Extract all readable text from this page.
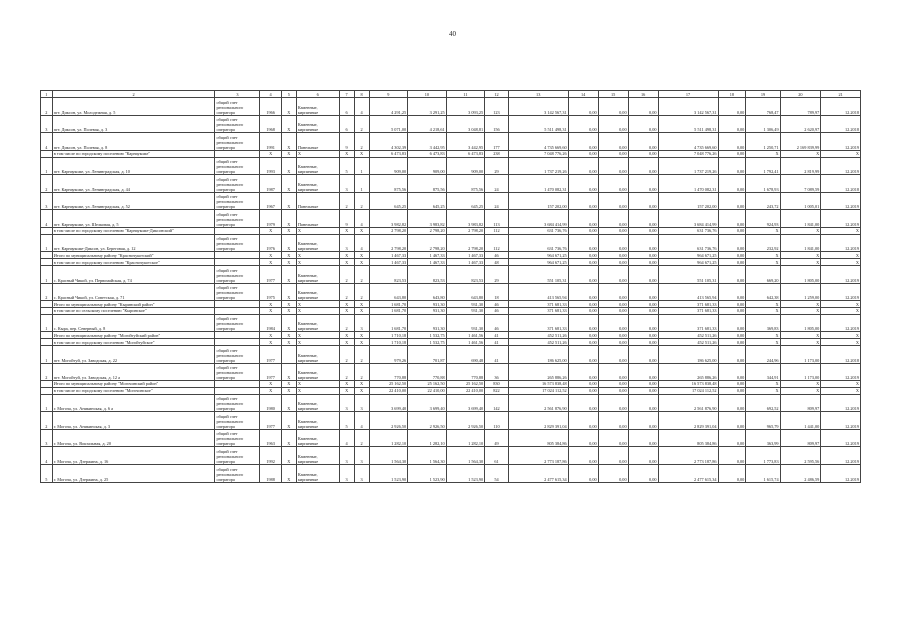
40
1	2	3	4	5	6	7	8	9	10	11	12	13	14	15	16	17	18	19	20	21
2	пгт. Диксон, ул. Молодежная, д. 5	общий счет регионального оператора	1966	Х	Каменные, кирпичные	6	4	4 291,25	3 291,25	3 093,25	123	3 142 567,31	0,00	0,00	0,00	3 142 567,31	0,00	768,47	789,97	12.2018
3	пгт. Диксон, ул. Полевая, д. 3	общий счет регионального оператора	1968	Х	Каменные, кирпичные	6	2	5 071,00	4 218,61	3 048,81	156	5 511 498,31	0,00	0,00	0,00	5 511 498,31	0,00	1 306,49	2 620,97	12.2018
4	пгт. Диксон, ул. Полевая, д. 8	общий счет регионального оператора	1991	Х	Панельные	9	2	4 302,39	3 442,95	3 442,95	177	4 735 669,60	0,00	0,00	0,00	4 735 669,60	0,00	1 250,71	2 169 839,99	12.2019
	в том числе по городскому поселению "Карнаукоже"		Х	Х	Х	Х	Х	6 473,83	6 473,83	6 473,83	238	7 048 776,26	0,00	0,00	0,00	7 048 776,26	0,00	Х	Х	Х
1	пгт. Карнаукоже, ул. Ленинградская, д. 10	общий счет регионального оператора	1993	Х	Каменные, кирпичные	5	1	909,00	909,00	909,00	29	1 737 219,26	0,00	0,00	0,00	1 737 219,26	0,00	1 792,41	2 819,99	12.2019
2	пгт. Карнаукоже, ул. Ленинградская, д. 44	общий счет регионального оператора	1987	Х	Каменные, кирпичные	3	1	875,56	875,56	875,56	24	1 470 082,31	0,00	0,00	0,00	1 470 082,31	0,00	1 678,93	7 089,59	12.2018
3	пгт. Карнаукоже, ул. Ленинградская, д. 52	общий счет регионального оператора	1967	Х	Панельные	2	2	645,25	645,25	645,25	24	157 202,00	0,00	0,00	0,00	157 202,00	0,00	243,72	1 005,01	12.2019
4	пгт. Карнаукоже, ул. Шелковая, д. 5	общий счет регионального оператора	1979	Х	Панельные	9	4	3 982,82	3 983,82	3 983,82	113	3 684 414,99	0,00	0,00	0,00	3 684 414,99	0,00	924,93	1 841,00	12.2019
	в том числе по городскому поселению "Карнаукоже-Диксонский"		Х	Х	Х	Х	Х	2 798,20	2 798,20	2 798,20	112	631 736,76	0,00	0,00	0,00	631 736,76	0,00	Х	Х	Х
1	пгт. Карнаукоже-Диксон, ул. Береговая, д. 12	общий счет регионального оператора	1976	Х	Каменные, кирпичные	3	4	2 798,20	2 798,20	2 798,20	112	631 736,76	0,00	0,00	0,00	631 736,76	0,00	232,92	1 841,00	12.2019
	Итого по муниципальному району "Красночукотский"		Х	Х	Х	Х	Х	1 467,33	1 467,33	1 467,33	46	964 671,25	0,00	0,00	0,00	964 671,25	0,00	Х	Х	Х
	в том числе по городскому поселению "Красночукотское"		Х	Х	Х	Х	Х	1 467,33	1 467,33	1 467,33	48	964 671,25	0,00	0,00	0,00	964 671,25	0,00	Х	Х	Х
1	с. Красный Чикой, ул. Первомайская, д. 74	общий счет регионального оператора	1977	Х	Каменные, кирпичные	2	2	823,53	823,53	823,53	29	551 105,31	0,00	0,00	0,00	551 105,31	0,00	669,20	1 805,00	12.2019
2	с. Красный Чикой, ул. Советская, д. 71	общий счет регионального оператора	1975	Х	Каменные, кирпичные	2	2	643,80	643,80	643,80	18	413 565,94	0,00	0,00	0,00	413 565,94	0,00	642,38	1 259,00	12.2019
	Итого по муниципальному району "Кыринский район"		Х	Х	Х	Х	Х	1 681,70	931,30	931,30	46	371 681,33	0,00	0,00	0,00	371 681,33	0,00	Х	Х	Х
	в том числе по сельскому поселению "Кыринское"		Х	Х	Х	Х	Х	1 681,70	931,30	931,30	46	371 681,33	0,00	0,00	0,00	371 681,33	0,00	Х	Х	Х
1	с. Кыра, пер. Северный, д. 8	общий счет регионального оператора	1984	Х	Каменные, кирпичные	2	3	1 681,70	931,30	931,30	46	371 681,33	0,00	0,00	0,00	371 681,33	0,00	369,83	1 805,00	12.2019
	Итого по муниципальному району "Могойтуйский район"		Х	Х	Х	Х	Х	1 710,18	1 532,75	1 461,56	41	452 511,26	0,00	0,00	0,00	452 511,26	0,00	Х	Х	Х
	в том числе по городскому поселению "Могойтуйское"		Х	Х	Х	Х	Х	1 710,18	1 532,75	1 461,56	41	452 511,26	0,00	0,00	0,00	452 511,26	0,00	Х	Х	Х
1	пгт. Могойтуй, ул. Заводская, д. 22	общий счет регионального оператора	1977		Каменные, кирпичные	2	2	979,26	701,87	690,48	41	186 625,00	0,00	0,00	0,00	186 625,00	0,00	244,96	1 173,00	12.2018
2	пгт. Могойтуй, ул. Заводская, д. 12 а	общий счет регионального оператора	1977	Х	Каменные, кирпичные	2	2	770,88	770,88	770,88	36	265 886,26	0,00	0,00	0,00	265 886,26	0,00	344,91	1 173,00	12.2019
	Итого по муниципальному району "Могочинский район"		Х	Х	Х	Х	Х	25 162,50	25 162,50	25 162,50	830	16 573 838,48	0,00	0,00	0,00	16 573 838,48	0,00	Х	Х	Х
	в том числе по городскому поселению "Могочинское"		Х	Х	Х	Х	Х	22 410,00	22 410,00	22 410,00	822	17 024 112,52	0,00	0,00	0,00	17 024 112,52	0,00	Х	Х	Х
1	г. Могоча, ул. Аникинская, д. 6 а	общий счет регионального оператора	1980	Х	Каменные, кирпичные	3	3	3 699,40	3 699,40	3 699,40	142	2 561 876,90	0,00	0,00	0,00	2 561 876,90	0,00	692,52	809,97	12.2019
2	г. Могоча, ул. Аникинская, д. 3	общий счет регионального оператора	1977	Х	Каменные, кирпичные	5	4	2 926,50	2 926,50	2 926,50	110	2 829 391,04	0,00	0,00	0,00	2 829 391,04	0,00	965,79	1 441,00	12.2019
3	г. Могоча, ул. Вокзальная, д. 20	общий счет регионального оператора	1963	Х	Каменные, кирпичные	4	2	1 282,10	1 282,10	1 282,10	49	805 384,86	0,00	0,00	0,00	805 384,86	0,00	363,99	809,97	12.2019
4	г. Могоча, ул. Дзержина, д. 16	общий счет регионального оператора	1992	Х	Каменные, кирпичные	3	3	1 564,30	1 564,30	1 564,30	61	2 773 187,86	0,00	0,00	0,00	2 773 187,86	0,00	1 773,83	2 595,56	12.2019
5	г. Могоча, ул. Дзержина, д. 25	общий счет регионального оператора	1988	Х	Каменные, кирпичные	3	3	1 523,90	1 523,90	1 523,90	54	2 477 615,34	0,00	0,00	0,00	2 477 615,34	0,00	1 615,74	2 486,59	12.2019
